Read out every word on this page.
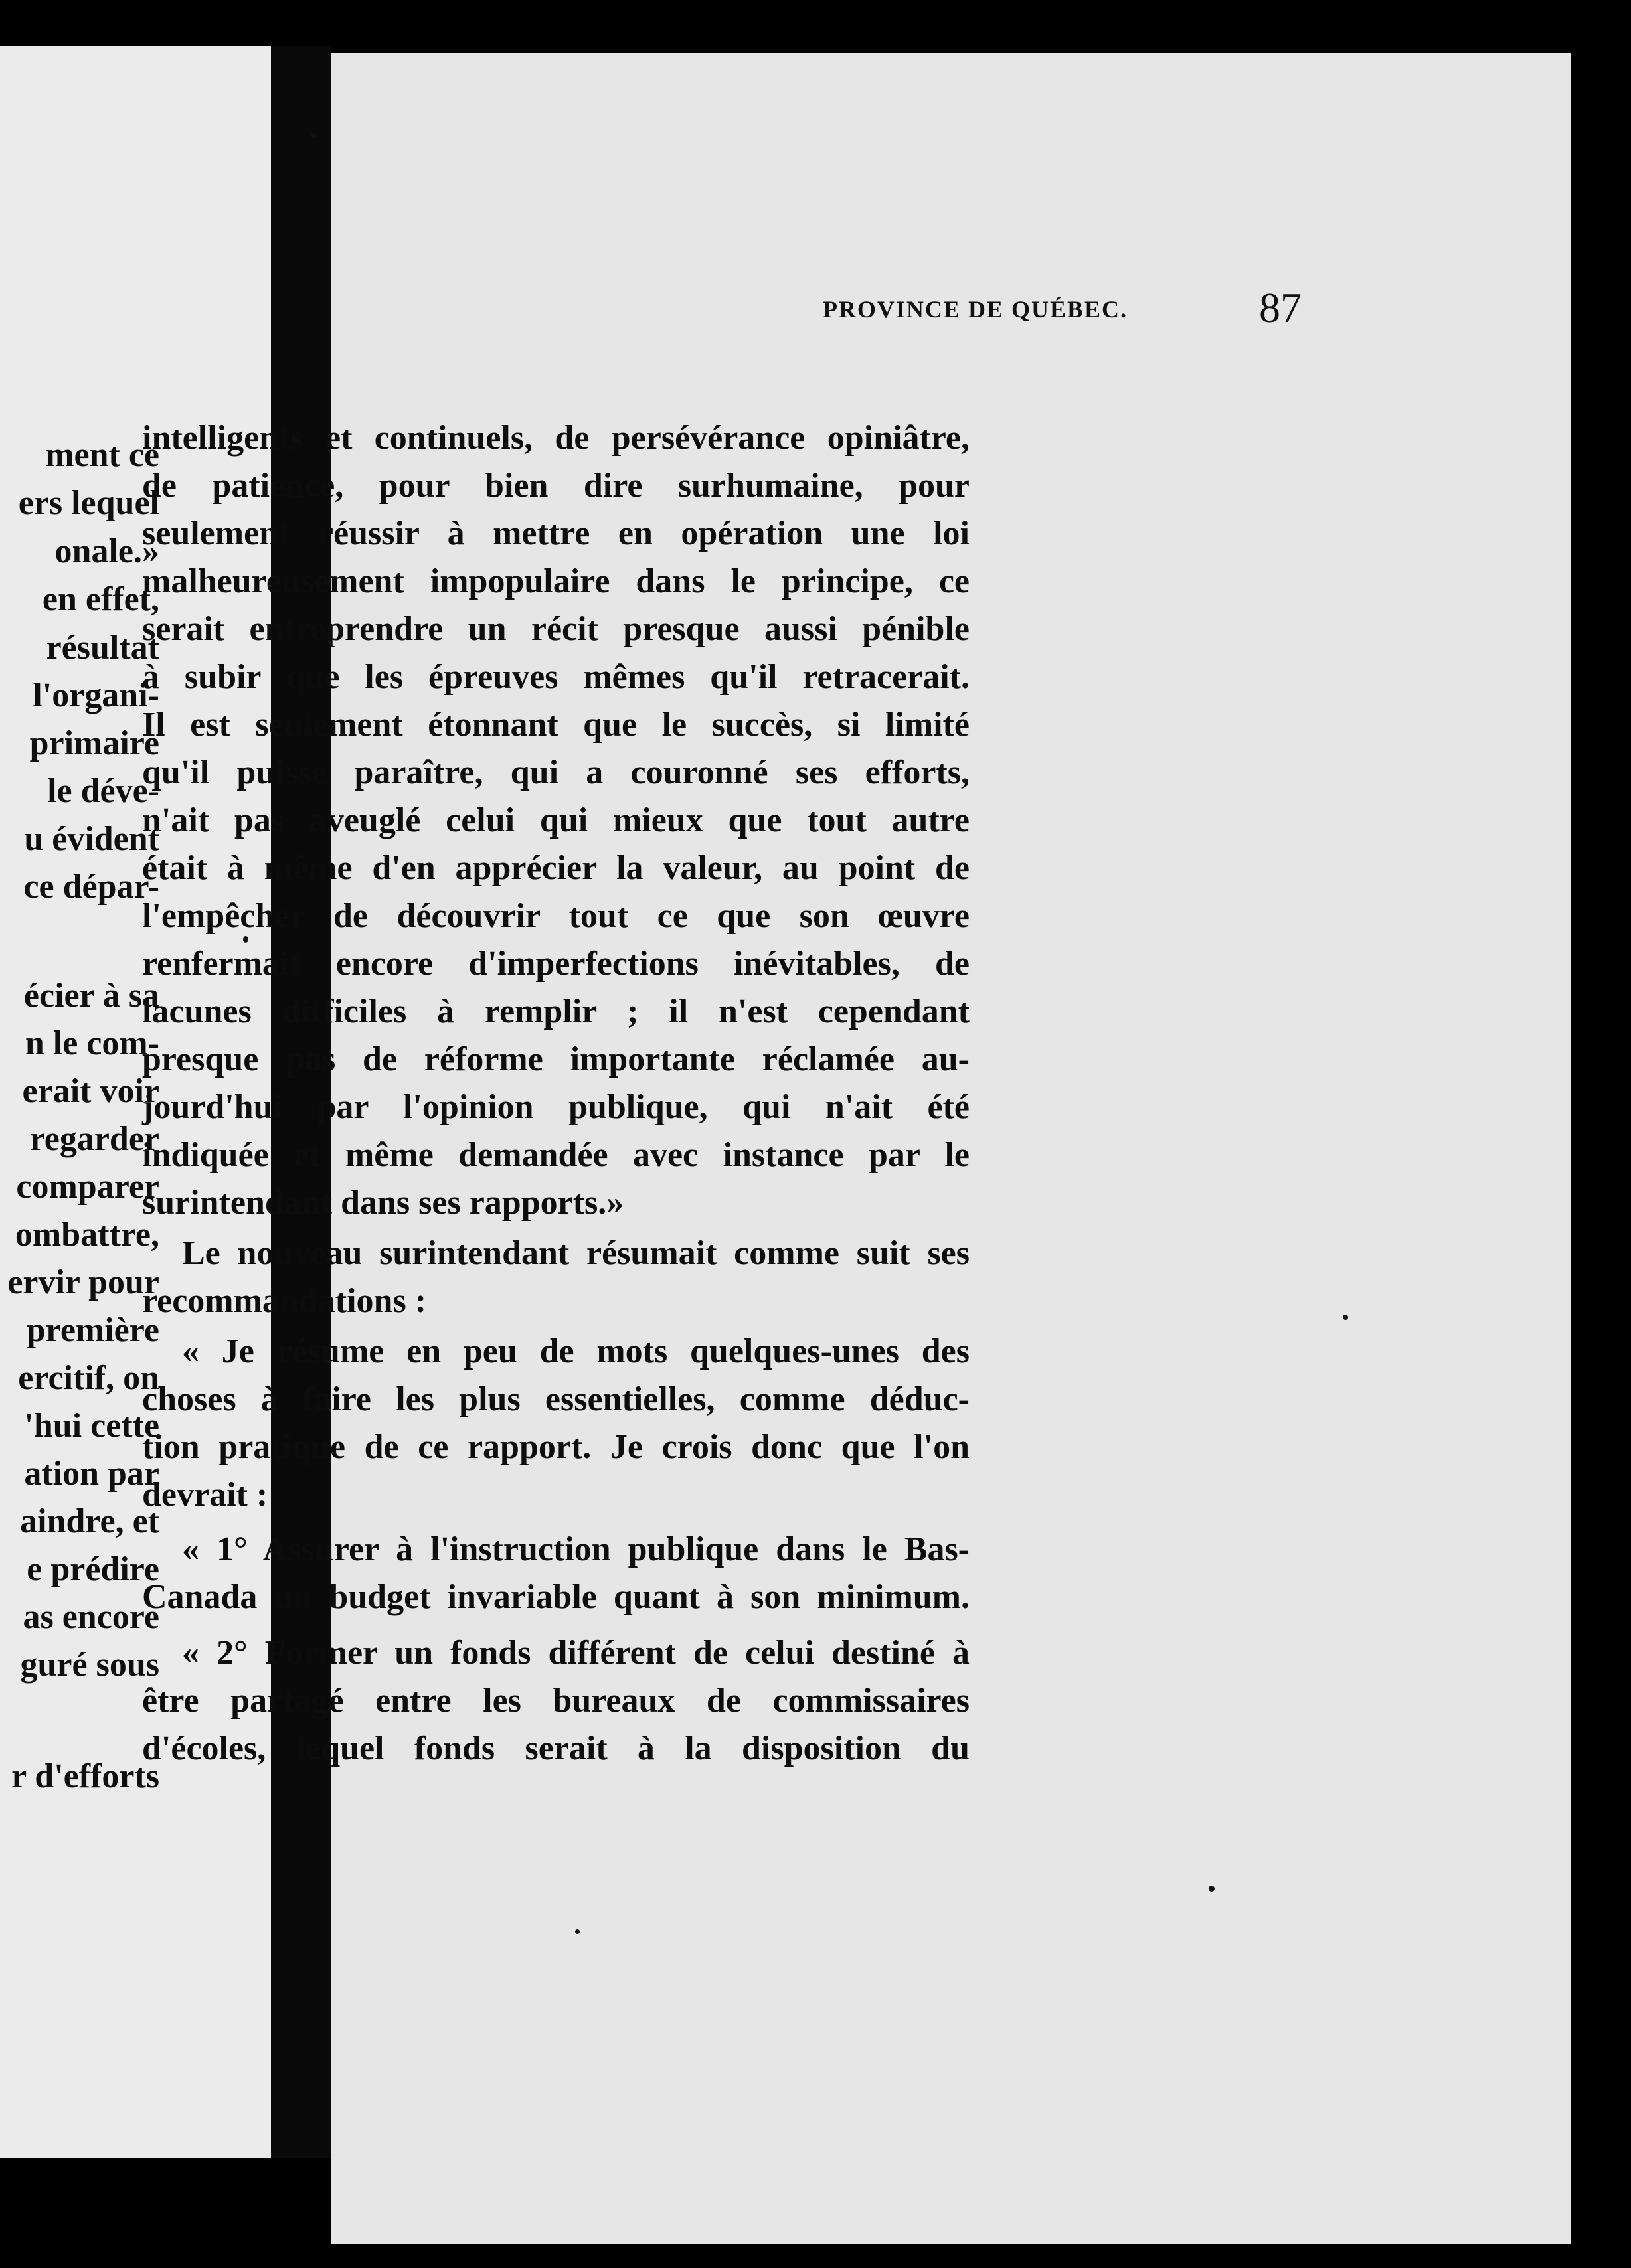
ment ce
ers lequel
onale.»
en effet,
résultat
l'organi-
primaire
le déve-
u évident
ce dépar-
écier à sa
n le com-
erait voir
regarder
comparer
ombattre,
ervir pour
première
ercitif, on
'hui cette
ation par
aindre, et
e prédire
as encore
guré sous
r d'efforts
PROVINCE DE QUÉBEC.	87
intelligents et continuels, de persévérance opiniâtre,
de patience, pour bien dire surhumaine, pour
seulement réussir à mettre en opération une loi
malheureusement impopulaire dans le principe, ce
serait entreprendre un récit presque aussi pénible
à subir que les épreuves mêmes qu'il retracerait.
Il est seulement étonnant que le succès, si limité
qu'il puisse paraître, qui a couronné ses efforts,
n'ait pas aveuglé celui qui mieux que tout autre
était à même d'en apprécier la valeur, au point de
l'empêcher de découvrir tout ce que son œuvre
renfermait encore d'imperfections inévitables, de
lacunes difficiles à remplir ; il n'est cependant
presque pas de réforme importante réclamée au-
jourd'hui par l'opinion publique, qui n'ait été
indiquée et même demandée avec instance par le
surintendant dans ses rapports.»
Le nouveau surintendant résumait comme suit ses
recommandations :
« Je résume en peu de mots quelques-unes des
choses à faire les plus essentielles, comme déduc-
tion pratique de ce rapport. Je crois donc que l'on
devrait :
« 1° Assurer à l'instruction publique dans le Bas-
Canada un budget invariable quant à son minimum.
« 2° Former un fonds différent de celui destiné à
être partagé entre les bureaux de commissaires
d'écoles, lequel fonds serait à la disposition du
